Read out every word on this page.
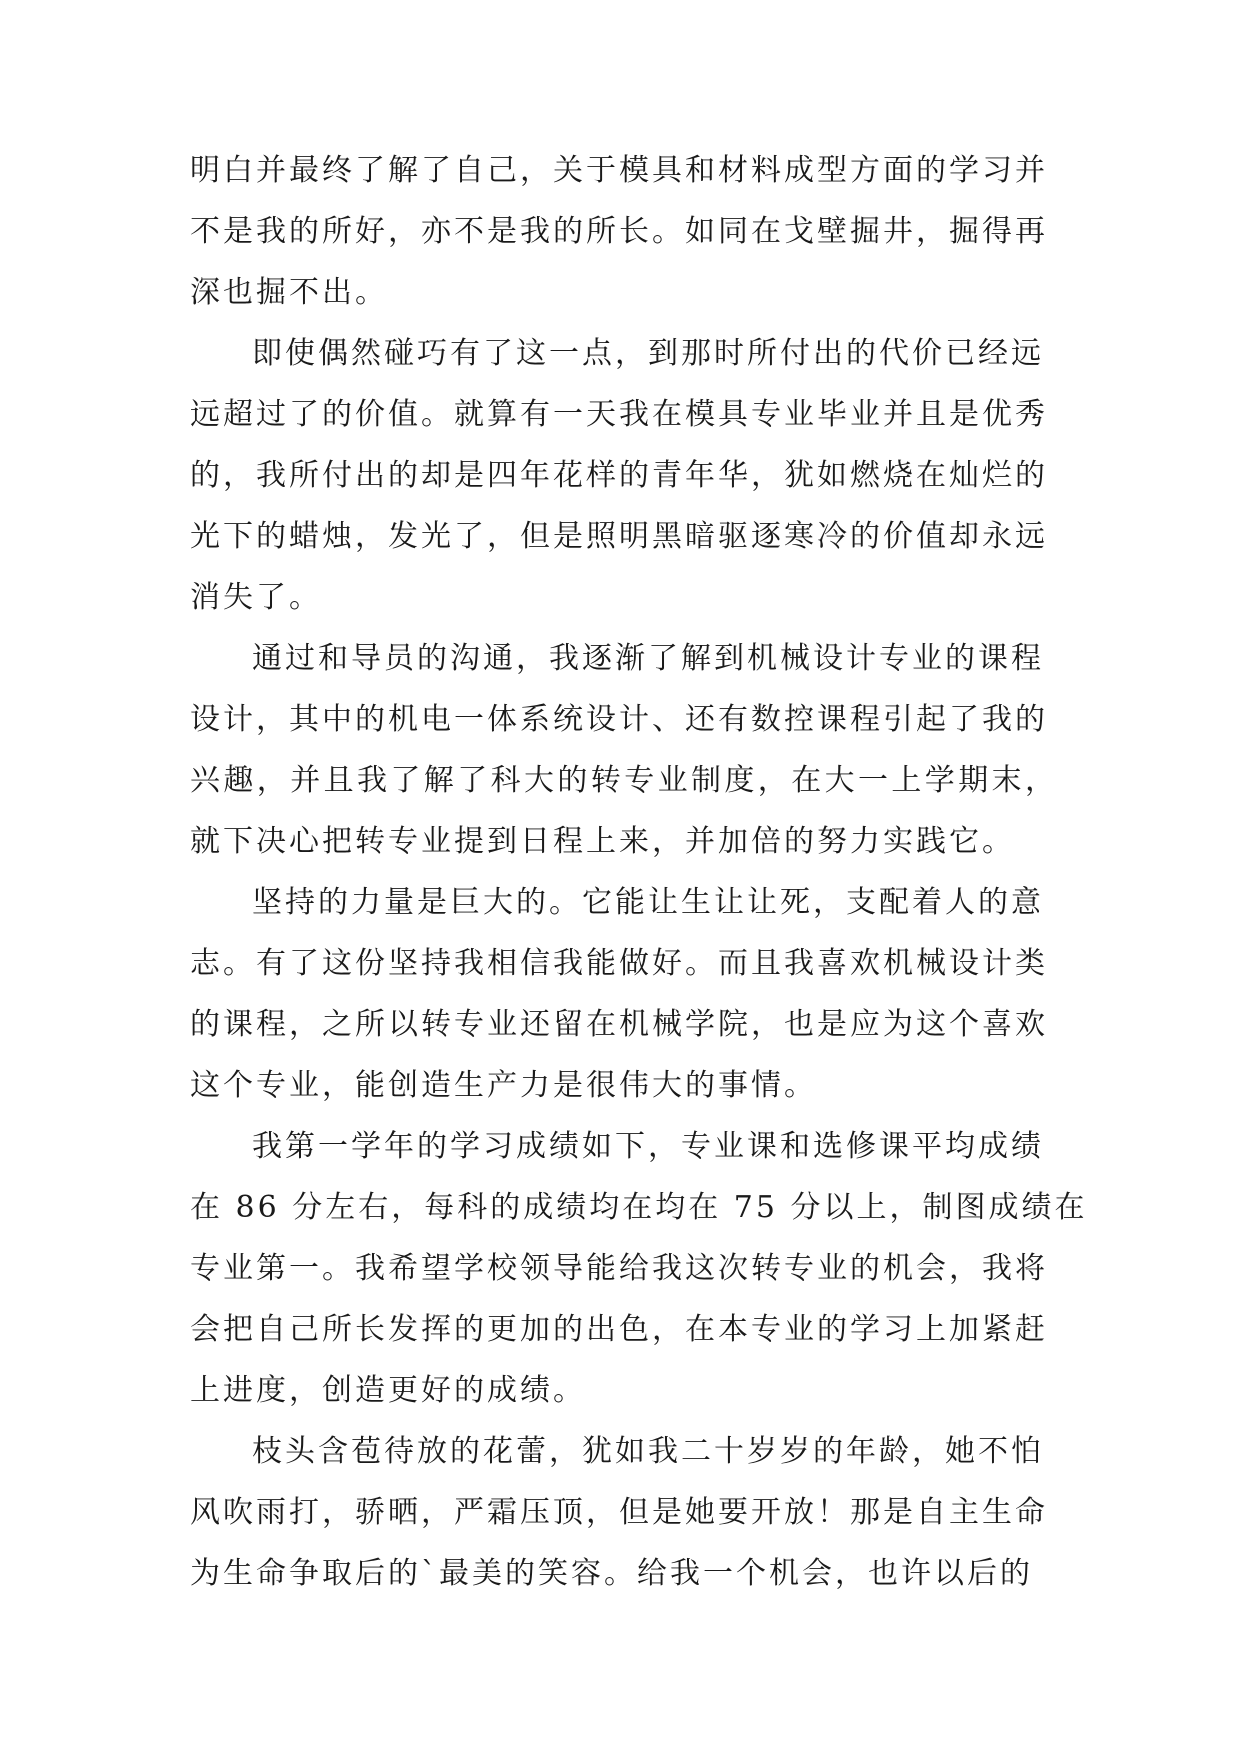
明白并最终了解了自己，关于模具和材料成型方面的学习并
不是我的所好，亦不是我的所长。如同在戈壁掘井，掘得再
深也掘不出。
即使偶然碰巧有了这一点，到那时所付出的代价已经远
远超过了的价值。就算有一天我在模具专业毕业并且是优秀
的，我所付出的却是四年花样的青年华，犹如燃烧在灿烂的
光下的蜡烛，发光了，但是照明黑暗驱逐寒冷的价值却永远
消失了。
通过和导员的沟通，我逐渐了解到机械设计专业的课程
设计，其中的机电一体系统设计、还有数控课程引起了我的
兴趣，并且我了解了科大的转专业制度，在大一上学期末，
就下决心把转专业提到日程上来，并加倍的努力实践它。
坚持的力量是巨大的。它能让生让让死，支配着人的意
志。有了这份坚持我相信我能做好。而且我喜欢机械设计类
的课程，之所以转专业还留在机械学院，也是应为这个喜欢
这个专业，能创造生产力是很伟大的事情。
我第一学年的学习成绩如下，专业课和选修课平均成绩
在 86 分左右，每科的成绩均在均在 75 分以上，制图成绩在
专业第一。我希望学校领导能给我这次转专业的机会，我将
会把自己所长发挥的更加的出色，在本专业的学习上加紧赶
上进度，创造更好的成绩。
枝头含苞待放的花蕾，犹如我二十岁岁的年龄，她不怕
风吹雨打，骄晒，严霜压顶，但是她要开放！那是自主生命
为生命争取后的`最美的笑容。给我一个机会，也许以后的
